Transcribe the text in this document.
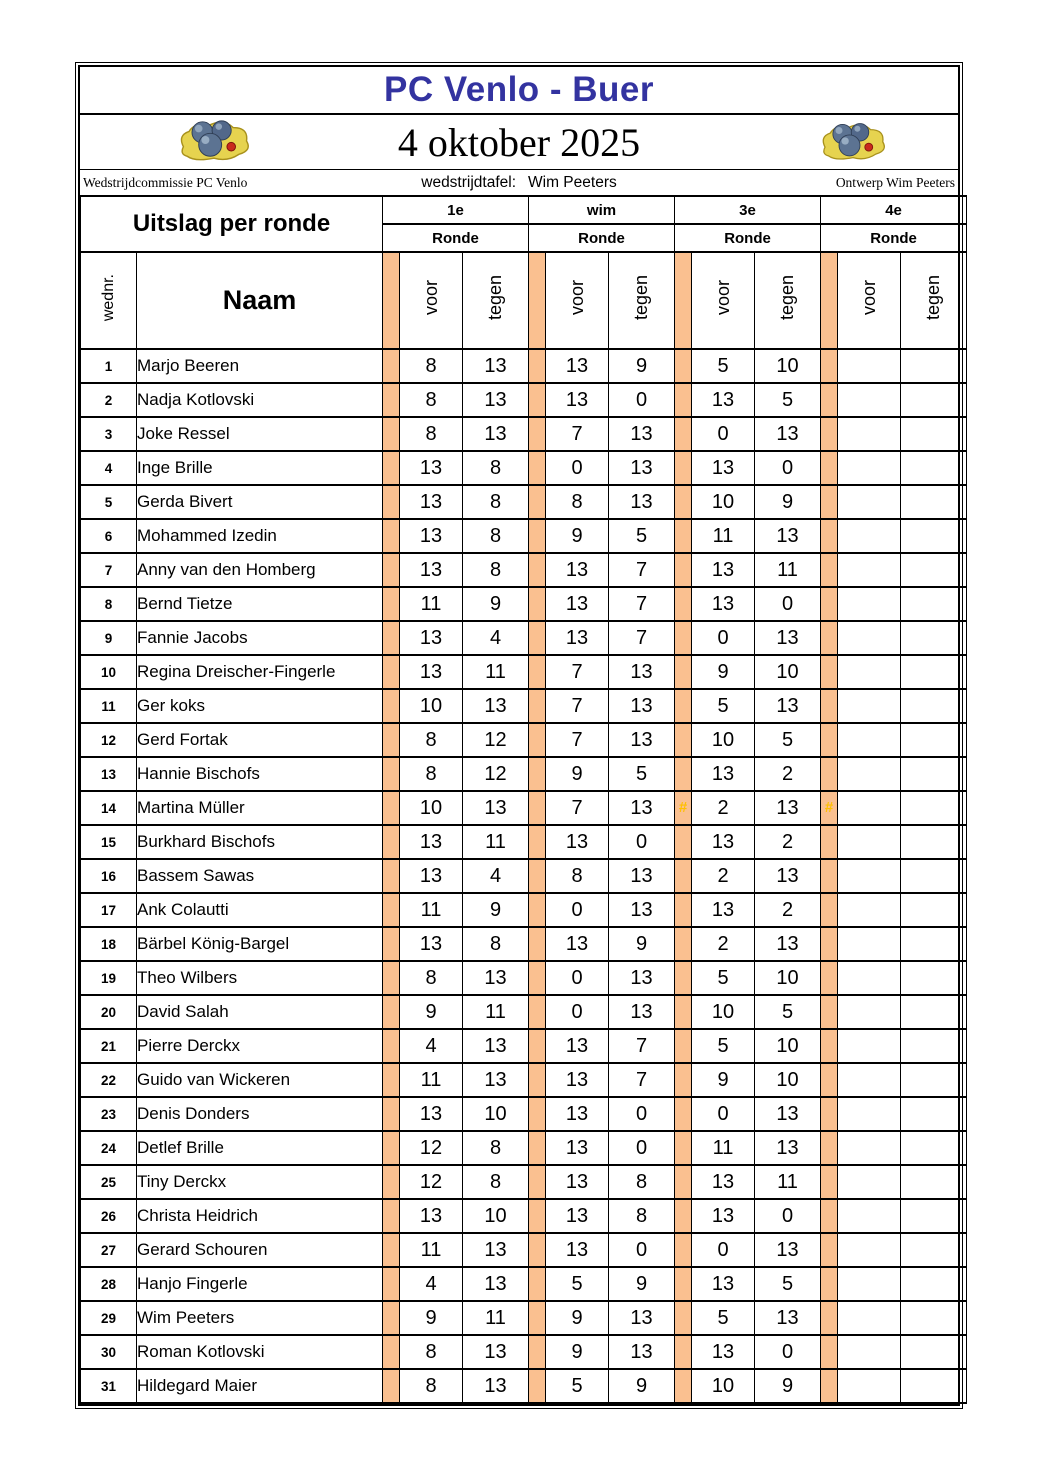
PC Venlo - Buer
4 oktober 2025
Wedstrijdcommissie PC Venlo	wedstrijdtafel: Wim Peeters	Ontwerp Wim Peeters
Uitslag per ronde		1e			wim			3e			4e		
		Ronde			Ronde			Ronde			Ronde		
wednr.	Naam		voor	tegen		voor	tegen		voor	tegen		voor	tegen
1	Marjo Beeren		8	13		13	9		5	10			
2	Nadja Kotlovski		8	13		13	0		13	5			
3	Joke Ressel		8	13		7	13		0	13			
4	Inge Brille		13	8		0	13		13	0			
5	Gerda Bivert		13	8		8	13		10	9			
6	Mohammed Izedin		13	8		9	5		11	13			
7	Anny van den Homberg		13	8		13	7		13	11			
8	Bernd Tietze		11	9		13	7		13	0			
9	Fannie Jacobs		13	4		13	7		0	13			
10	Regina Dreischer-Fingerle		13	11		7	13		9	10			
11	Ger koks		10	13		7	13		5	13			
12	Gerd Fortak		8	12		7	13		10	5			
13	Hannie Bischofs		8	12		9	5		13	2			
14	Martina Müller		10	13		7	13	#	2	13	#		
15	Burkhard Bischofs		13	11		13	0		13	2			
16	Bassem Sawas		13	4		8	13		2	13			
17	Ank Colautti		11	9		0	13		13	2			
18	Bärbel König-Bargel		13	8		13	9		2	13			
19	Theo Wilbers		8	13		0	13		5	10			
20	David Salah		9	11		0	13		10	5			
21	Pierre Derckx		4	13		13	7		5	10			
22	Guido van Wickeren		11	13		13	7		9	10			
23	Denis Donders		13	10		13	0		0	13			
24	Detlef Brille		12	8		13	0		11	13			
25	Tiny Derckx		12	8		13	8		13	11			
26	Christa Heidrich		13	10		13	8		13	0			
27	Gerard Schouren		11	13		13	0		0	13			
28	Hanjo Fingerle		4	13		5	9		13	5			
29	Wim Peeters		9	11		9	13		5	13			
30	Roman Kotlovski		8	13		9	13		13	0			
31	Hildegard Maier		8	13		5	9		10	9			
